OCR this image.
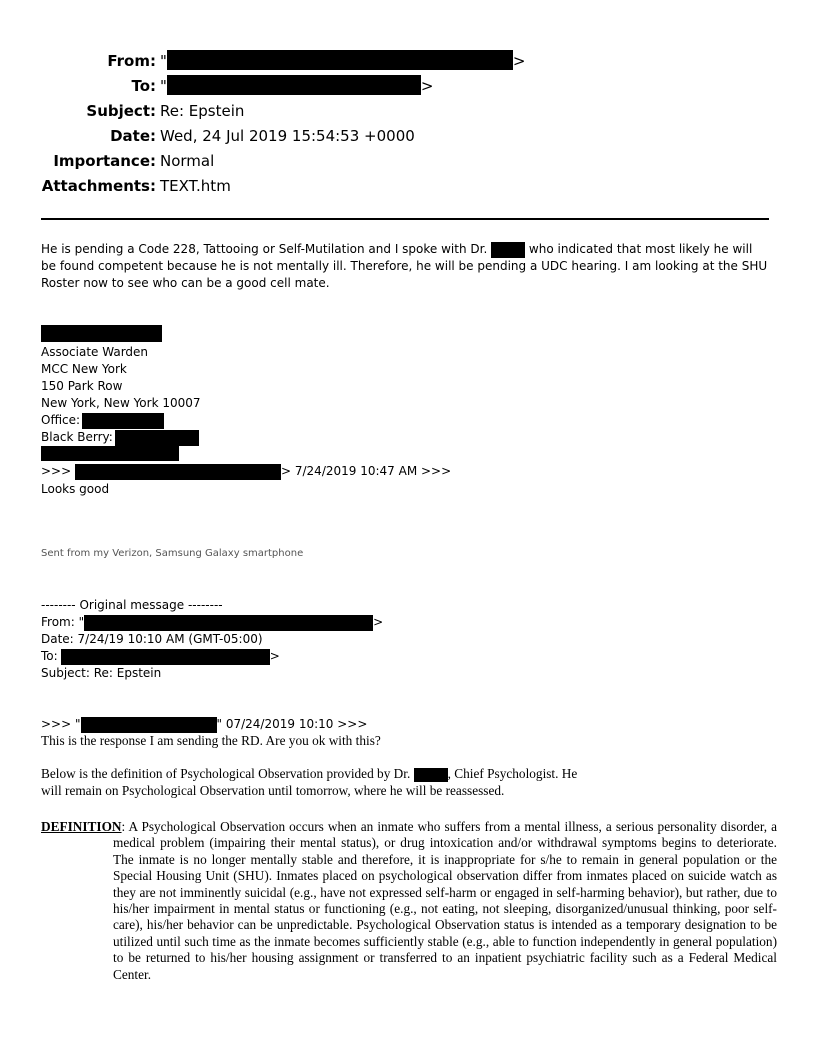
From: "	>
To: "	>
Subject: Re: Epstein
Date: Wed, 24 Jul 2019 15:54:53 +0000
Importance: Normal
Attachments: TEXT.htm
He is pending a Code 228, Tattooing or Self-Mutilation and I spoke with Dr.	who indicated that most likely he will be found competent because he is not mentally ill. Therefore, he will be pending a UDC hearing. I am looking at the SHU Roster now to see who can be a good cell mate.
Associate Warden
MCC New York
150 Park Row
New York, New York 10007
Office:
Black Berry:
>>>	> 7/24/2019 10:47 AM >>>
Looks good
Sent from my Verizon, Samsung Galaxy smartphone
-------- Original message --------
From: "	>
Date: 7/24/19 10:10 AM (GMT-05:00)
To:	>
Subject: Re: Epstein
>>> "	" 07/24/2019 10:10 >>>
This is the response I am sending the RD. Are you ok with this?
Below is the definition of Psychological Observation provided by Dr.	, Chief Psychologist. He
will remain on Psychological Observation until tomorrow, where he will be reassessed.
DEFINITION: A Psychological Observation occurs when an inmate who suffers from a mental illness, a serious personality disorder, a medical problem (impairing their mental status), or drug intoxication and/or withdrawal symptoms begins to deteriorate. The inmate is no longer mentally stable and therefore, it is inappropriate for s/he to remain in general population or the Special Housing Unit (SHU). Inmates placed on psychological observation differ from inmates placed on suicide watch as they are not imminently suicidal (e.g., have not expressed self-harm or engaged in self-harming behavior), but rather, due to his/her impairment in mental status or functioning (e.g., not eating, not sleeping, disorganized/unusual thinking, poor self-care), his/her behavior can be unpredictable. Psychological Observation status is intended as a temporary designation to be utilized until such time as the inmate becomes sufficiently stable (e.g., able to function independently in general population) to be returned to his/her housing assignment or transferred to an inpatient psychiatric facility such as a Federal Medical Center.
